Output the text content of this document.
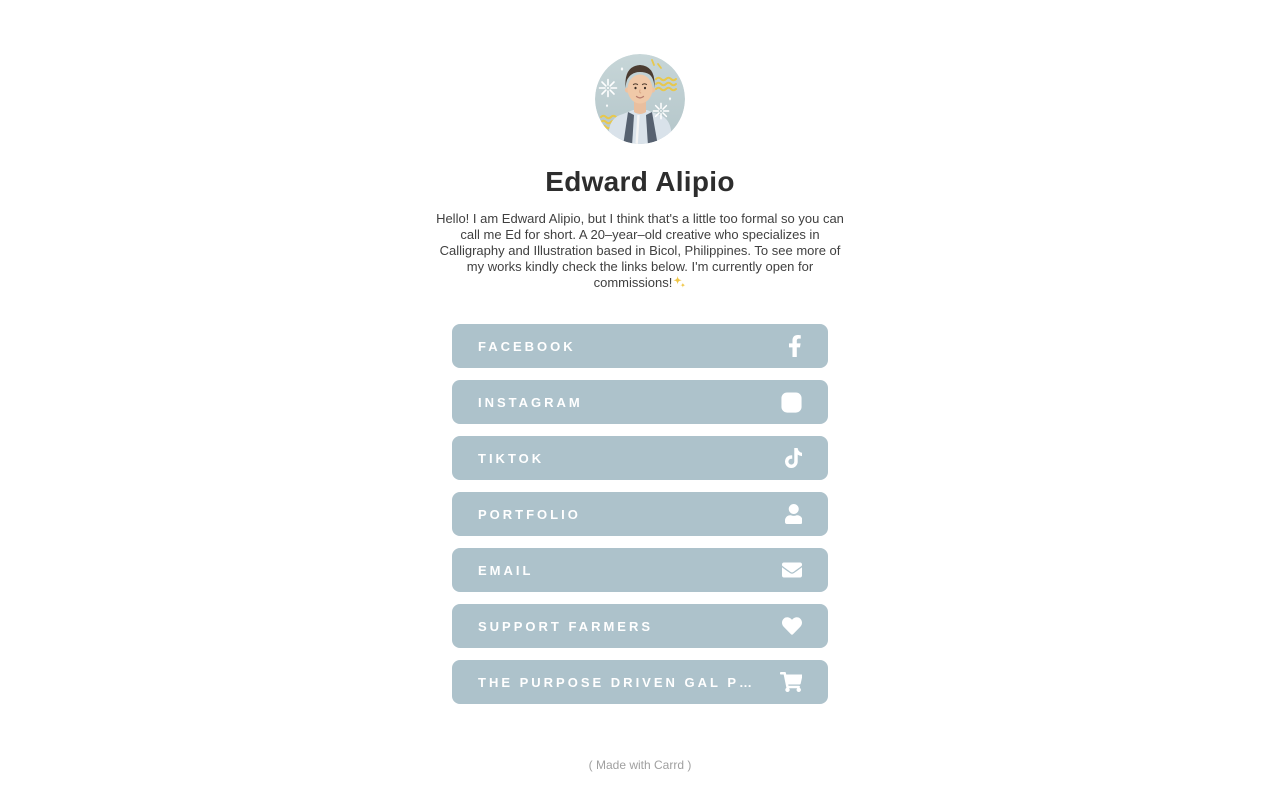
Edward Alipio

Hello! I am Edward Alipio, but I think that's a little too formal so you can call me Ed for short. A 20–year–old creative who specializes in Calligraphy and Illustration based in Bicol, Philippines. To see more of my works kindly check the links below. I'm currently open for commissions!

FACEBOOK
INSTAGRAM
TIKTOK
PORTFOLIO
EMAIL
SUPPORT FARMERS
THE PURPOSE DRIVEN GAL P…
( Made with Carrd )
